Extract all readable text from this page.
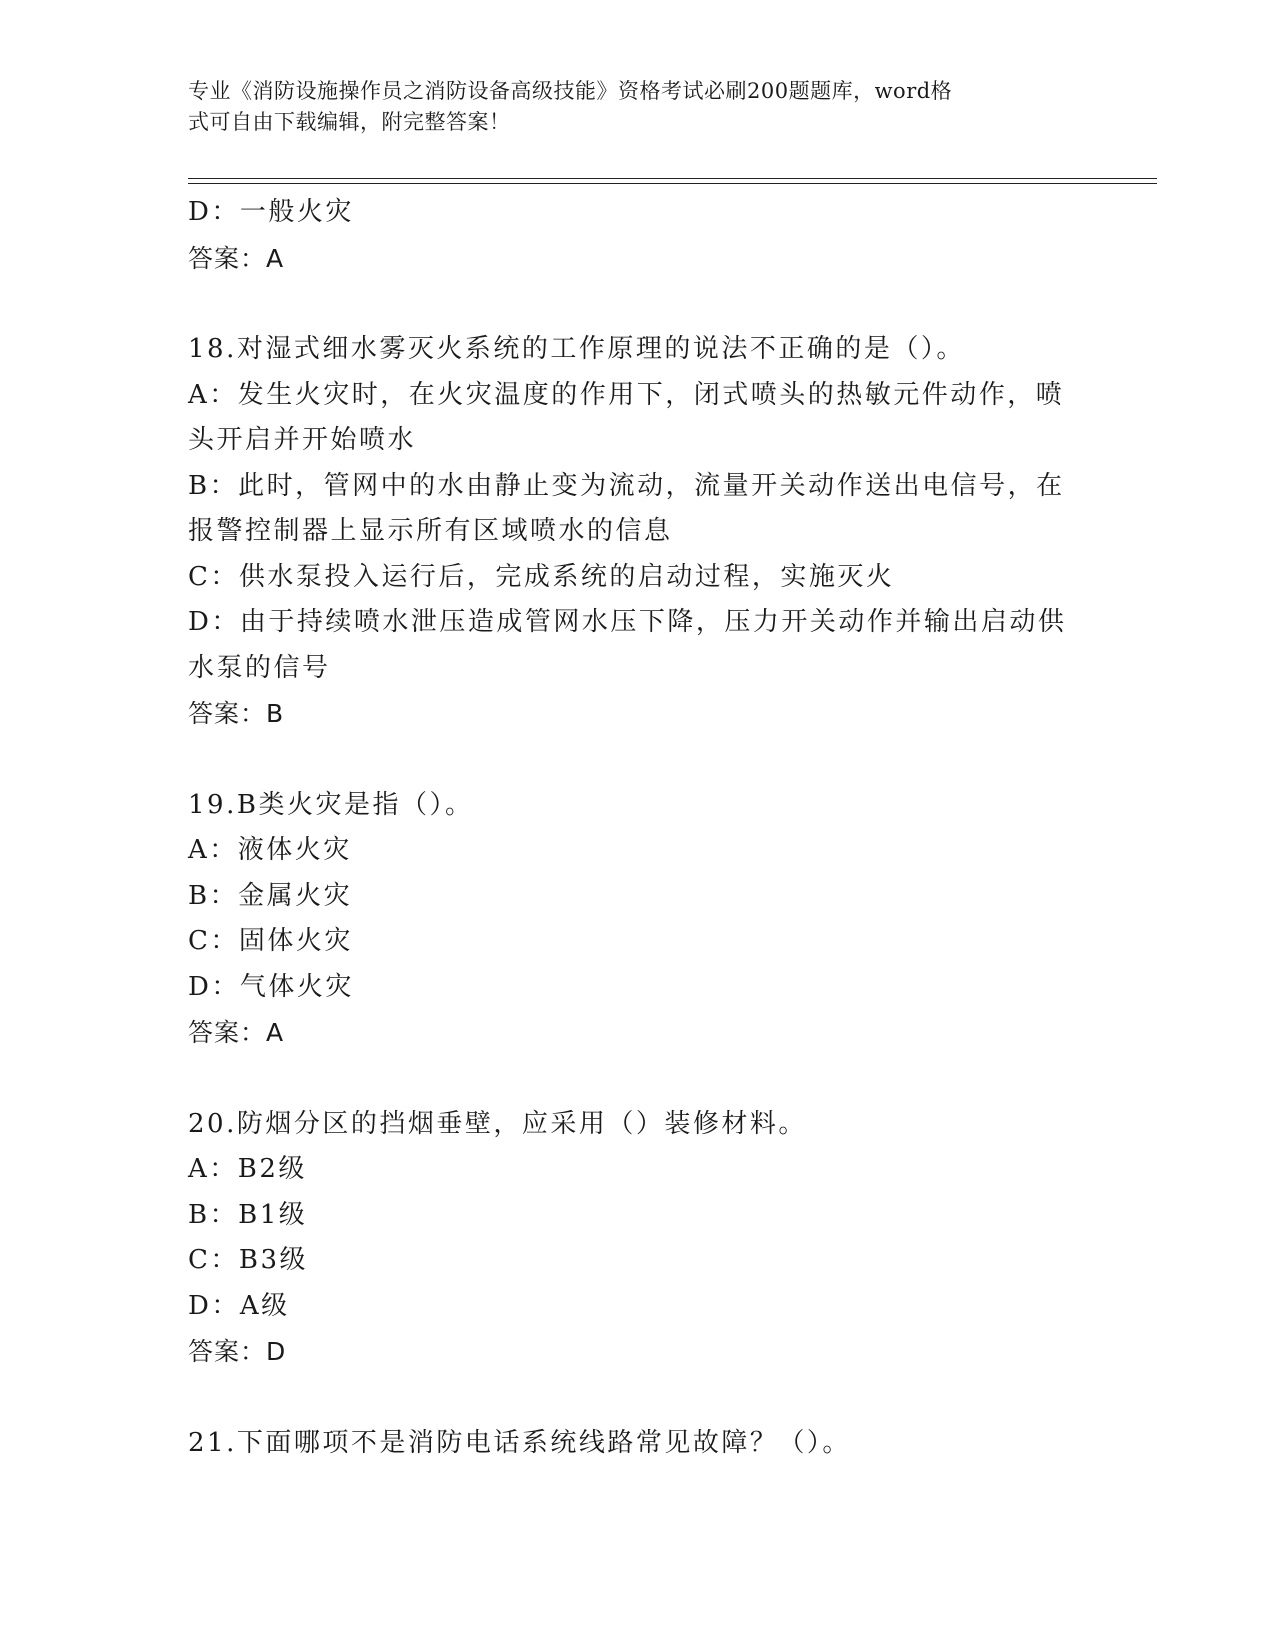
专业《消防设施操作员之消防设备高级技能》资格考试必刷200题题库，word格
式可自由下载编辑，附完整答案！
D：一般火灾
答案：A
18.对湿式细水雾灭火系统的工作原理的说法不正确的是（）。
A：发生火灾时，在火灾温度的作用下，闭式喷头的热敏元件动作，喷
头开启并开始喷水
B：此时，管网中的水由静止变为流动，流量开关动作送出电信号，在
报警控制器上显示所有区域喷水的信息
C：供水泵投入运行后，完成系统的启动过程，实施灭火
D：由于持续喷水泄压造成管网水压下降，压力开关动作并输出启动供
水泵的信号
答案：B
19.B类火灾是指（）。
A：液体火灾
B：金属火灾
C：固体火灾
D：气体火灾
答案：A
20.防烟分区的挡烟垂壁，应采用（）装修材料。
A：B2级
B：B1级
C：B3级
D：A级
答案：D
21.下面哪项不是消防电话系统线路常见故障？（）。
